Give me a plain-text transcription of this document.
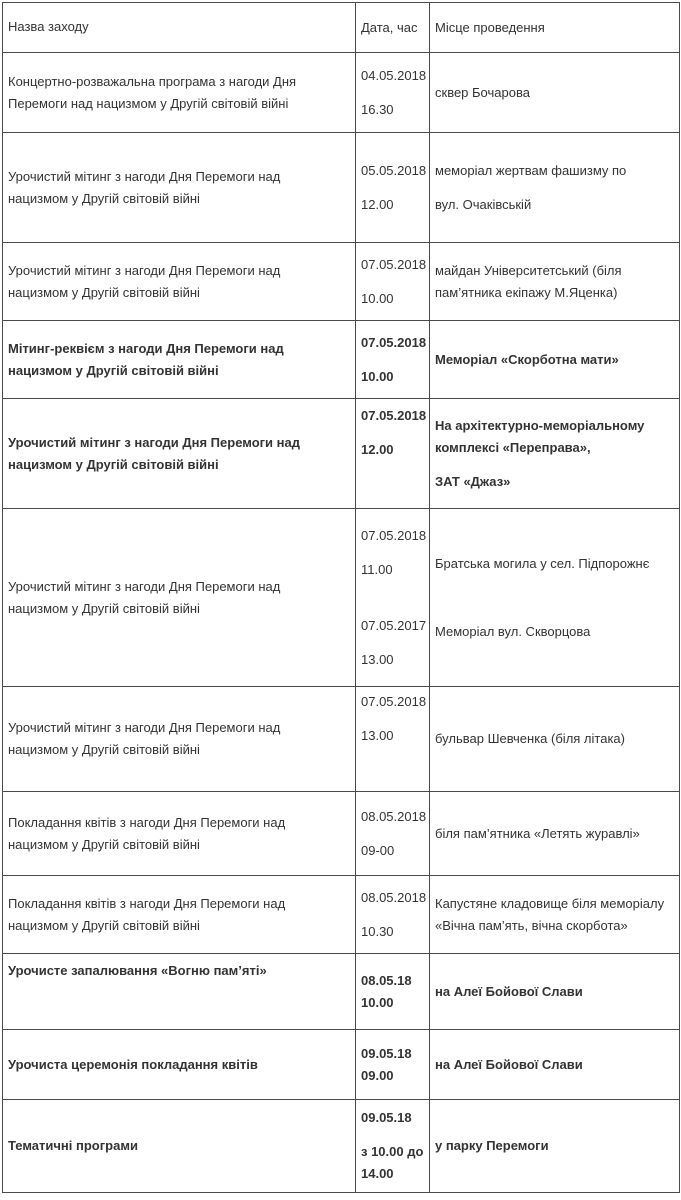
Назва заходу	Дата, час	Місце проведення

Концертно-розважальна програма з нагоди Дня
Перемоги над нацизмом у Другій світовій війні	04.05.2018
16.30	сквер Бочарова

Урочистий мітинг з нагоди Дня Перемоги над
нацизмом у Другій світовій війні	05.05.2018
12.00	меморіал жертвам фашизму по
вул. Очаківській

Урочистий мітинг з нагоди Дня Перемоги над
нацизмом у Другій світовій війні	07.05.2018
10.00	майдан Університетський (біля
пам’ятника екіпажу М.Яценка)

Мітинг-реквієм з нагоди Дня Перемоги над
нацизмом у Другій світовій війні	07.05.2018
10.00	Меморіал «Скорботна мати»

Урочистий мітинг з нагоди Дня Перемоги над
нацизмом у Другій світовій війні	07.05.2018
12.00	На архітектурно-меморіальному
комплексі «Переправа»,
ЗАТ «Джаз»

Урочистий мітинг з нагоди Дня Перемоги над
нацизмом у Другій світовій війні	07.05.2018
11.00
07.05.2017
13.00	Братська могила у сел. Підпорожнє
Меморіал вул. Скворцова

Урочистий мітинг з нагоди Дня Перемоги над
нацизмом у Другій світовій війні	07.05.2018
13.00	бульвар Шевченка (біля літака)

Покладання квітів з нагоди Дня Перемоги над
нацизмом у Другій світовій війні	08.05.2018
09-00	біля пам’ятника «Летять журавлі»

Покладання квітів з нагоди Дня Перемоги над
нацизмом у Другій світовій війні	08.05.2018
10.30	Капустяне кладовище біля меморіалу
«Вічна пам’ять, вічна скорбота»

Урочисте запалювання «Вогню пам’яті»	08.05.18
10.00	на Алеї Бойової Слави

Урочиста церемонія покладання квітів	09.05.18
09.00	на Алеї Бойової Слави

Тематичні програми	09.05.18
з 10.00 до
14.00	у парку Перемоги
